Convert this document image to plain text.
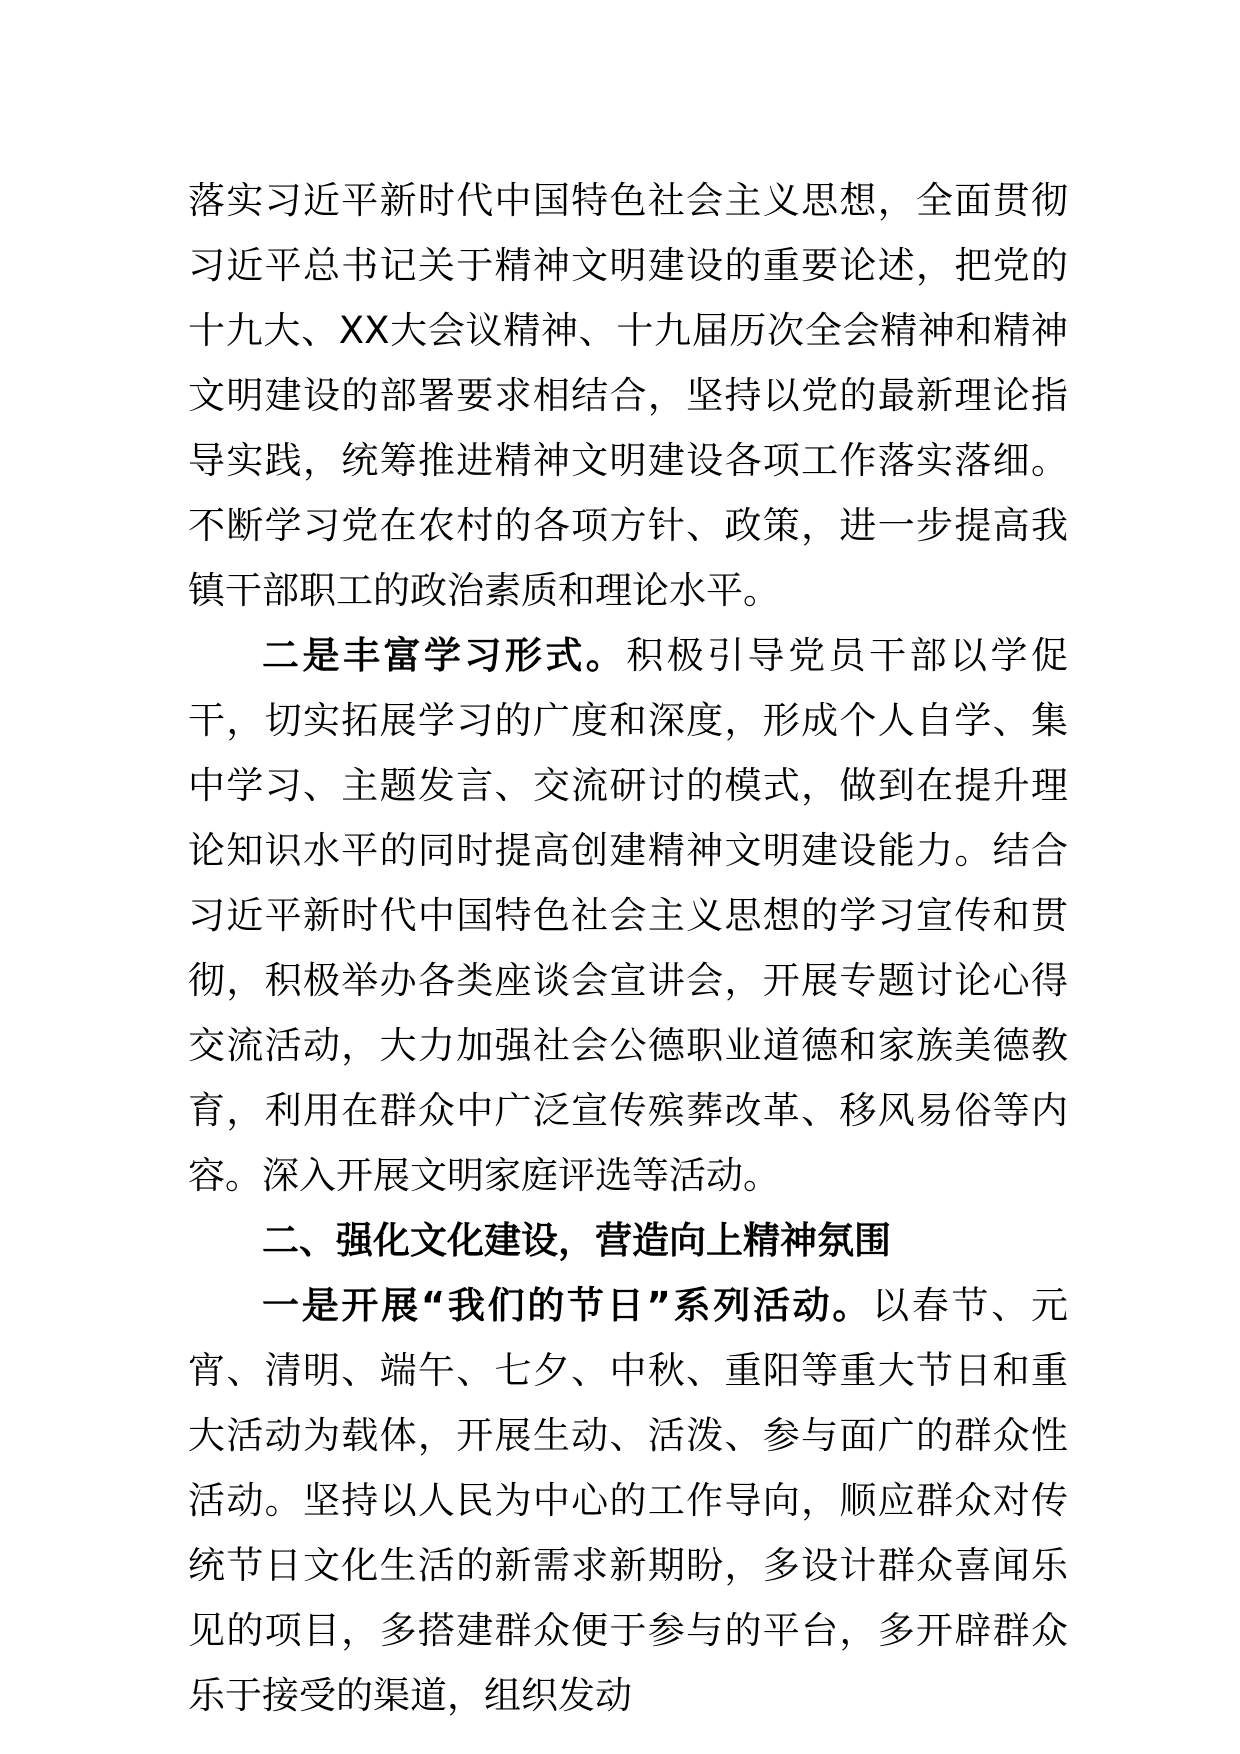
落实习近平新时代中国特色社会主义思想，全面贯彻习近平总书记关于精神文明建设的重要论述，把党的十九大、XX大会议精神、十九届历次全会精神和精神文明建设的部署要求相结合，坚持以党的最新理论指导实践，统筹推进精神文明建设各项工作落实落细。不断学习党在农村的各项方针、政策，进一步提高我镇干部职工的政治素质和理论水平。

二是丰富学习形式。积极引导党员干部以学促干，切实拓展学习的广度和深度，形成个人自学、集中学习、主题发言、交流研讨的模式，做到在提升理论知识水平的同时提高创建精神文明建设能力。结合习近平新时代中国特色社会主义思想的学习宣传和贯彻，积极举办各类座谈会宣讲会，开展专题讨论心得交流活动，大力加强社会公德职业道德和家族美德教育，利用在群众中广泛宣传殡葬改革、移风易俗等内容。深入开展文明家庭评选等活动。

二、强化文化建设，营造向上精神氛围

一是开展“我们的节日”系列活动。以春节、元宵、清明、端午、七夕、中秋、重阳等重大节日和重大活动为载体，开展生动、活泼、参与面广的群众性活动。坚持以人民为中心的工作导向，顺应群众对传统节日文化生活的新需求新期盼，多设计群众喜闻乐见的项目，多搭建群众便于参与的平台，多开辟群众乐于接受的渠道，组织发动
